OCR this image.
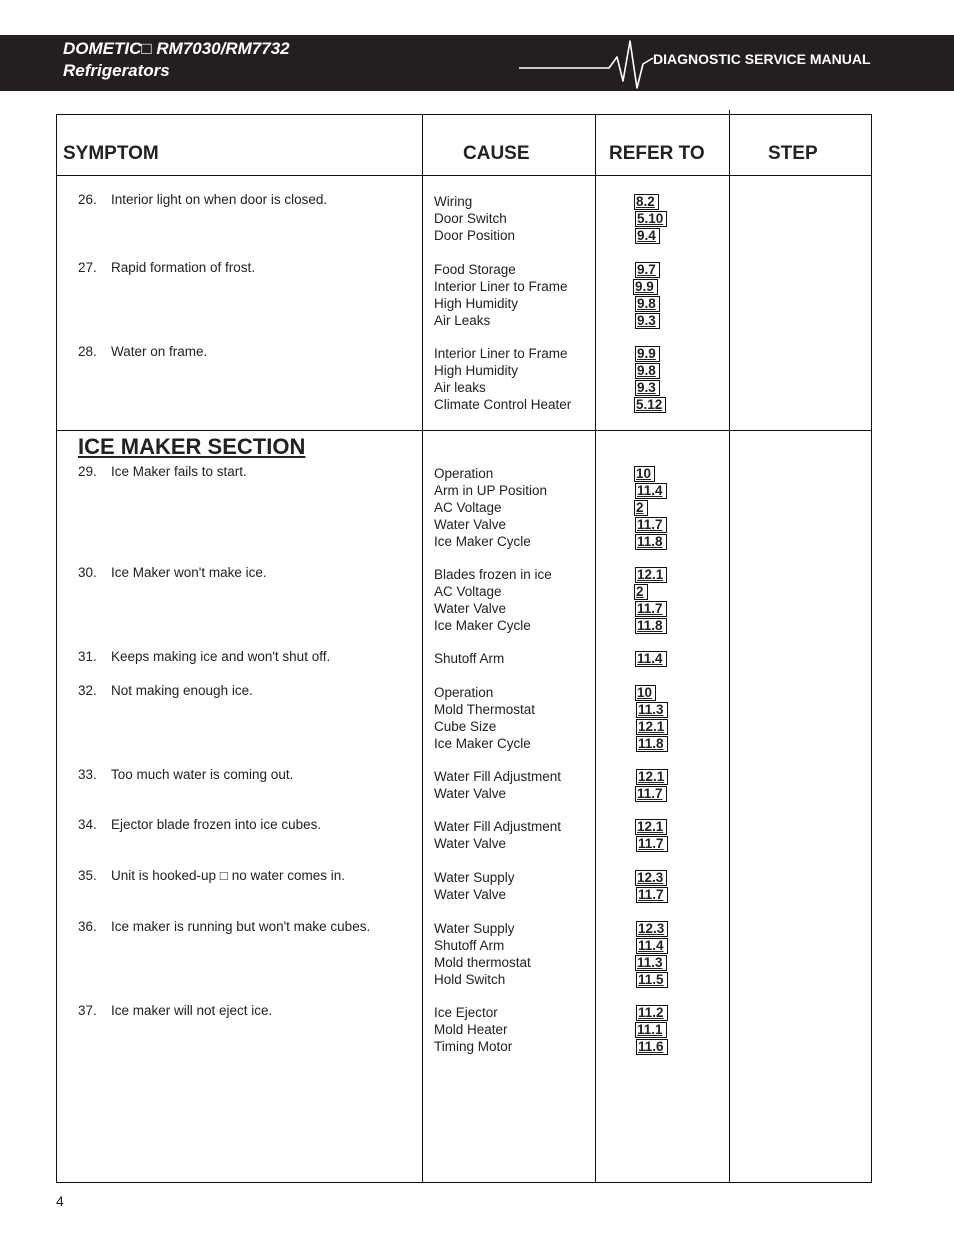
DOMETIC□ RM7030/RM7732
Refrigerators
DIAGNOSTIC SERVICE MANUAL
SYMPTOM	CAUSE	REFER TO	STEP
ICE MAKER SECTION
26. Interior light on when door is closed.	Wiring	8.2
Door Switch	5.10
Door Position	9.4
27. Rapid formation of frost.	Food Storage	9.7
Interior Liner to Frame	9.9
High Humidity	9.8
Air Leaks	9.3
28. Water on frame.	Interior Liner to Frame	9.9
High Humidity	9.8
Air leaks	9.3
Climate Control Heater	5.12
29. Ice Maker fails to start.	Operation	10
Arm in UP Position	11.4
AC Voltage	2
Water Valve	11.7
Ice Maker Cycle	11.8
30. Ice Maker won't make ice.	Blades frozen in ice	12.1
AC Voltage	2
Water Valve	11.7
Ice Maker Cycle	11.8
31. Keeps making ice and won't shut off.	Shutoff Arm	11.4
32. Not making enough ice.	Operation	10
Mold Thermostat	11.3
Cube Size	12.1
Ice Maker Cycle	11.8
33. Too much water is coming out.	Water Fill Adjustment	12.1
Water Valve	11.7
34. Ejector blade frozen into ice cubes.	Water Fill Adjustment	12.1
Water Valve	11.7
35. Unit is hooked-up □ no water comes in.	Water Supply	12.3
Water Valve	11.7
36. Ice maker is running but won't make cubes.	Water Supply	12.3
Shutoff Arm	11.4
Mold thermostat	11.3
Hold Switch	11.5
37. Ice maker will not eject ice.	Ice Ejector	11.2
Mold Heater	11.1
Timing Motor	11.6
4
